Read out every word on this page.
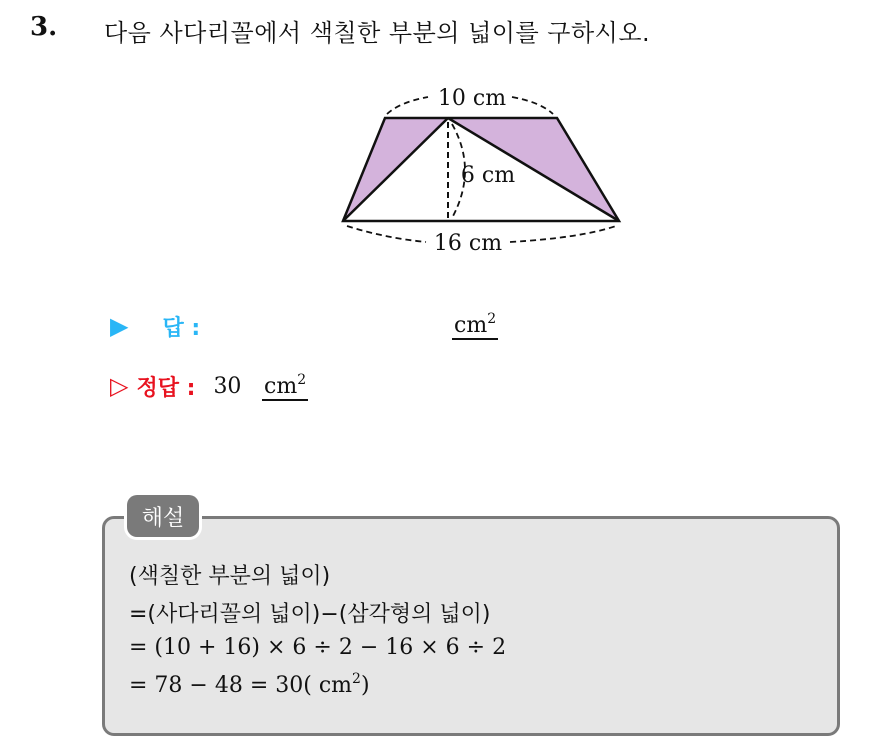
3. 다음 사다리꼴에서 색칠한 부분의 넓이를 구하시오.
10 cm
6 cm
16 cm
▶ 답 :	$cm^2$
▷ 정답 : 30 $cm^2$
해설
(색칠한 부분의 넓이)
=(사다리꼴의 넓이)−(삼각형의 넓이)
= (10 + 16) × 6 ÷ 2 − 16 × 6 ÷ 2
= 78 − 48 = 30( $cm^2$)
